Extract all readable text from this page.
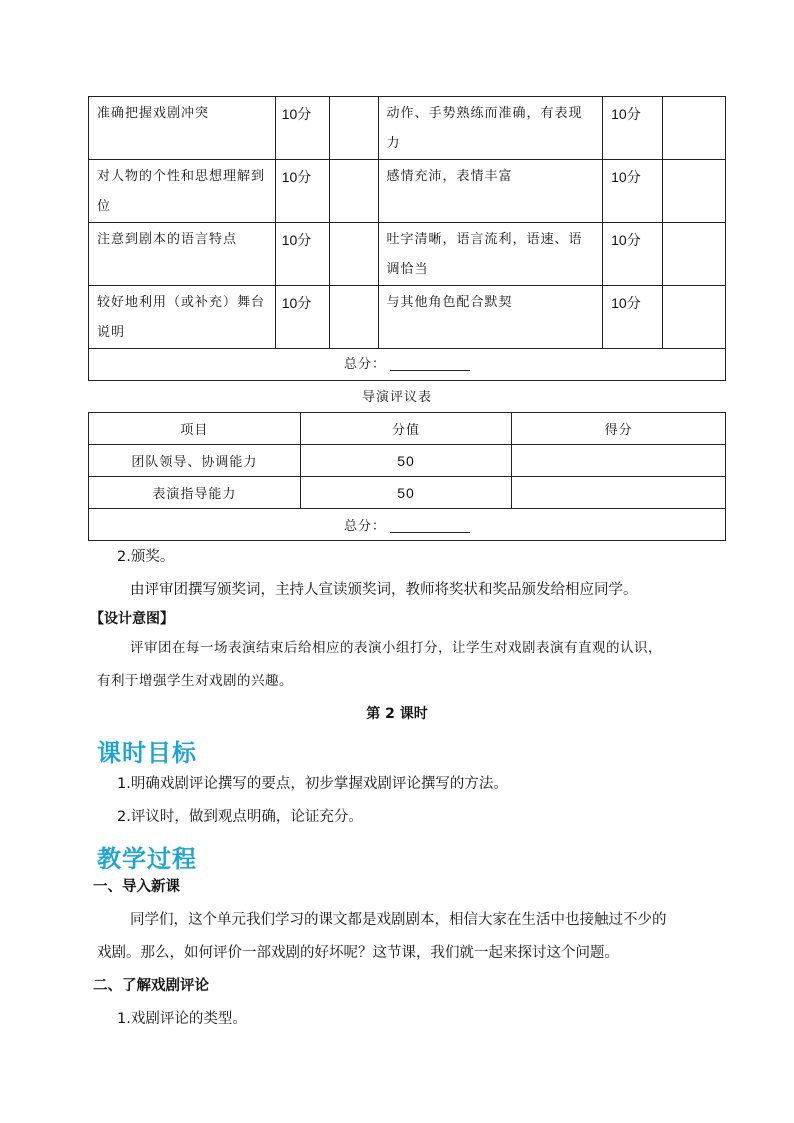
准确把握戏剧冲突	10分		动作、手势熟练而准确，有表现力	10分	
对人物的个性和思想理解到位	10分		感情充沛，表情丰富	10分	
注意到剧本的语言特点	10分		吐字清晰，语言流利，语速、语调恰当	10分	
较好地利用（或补充）舞台说明	10分		与其他角色配合默契	10分	
总分：					
导演评议表
项目	分值	得分
团队领导、协调能力	50	
表演指导能力	50	
总分：		
2.颁奖。
由评审团撰写颁奖词，主持人宣读颁奖词，教师将奖状和奖品颁发给相应同学。
【设计意图】
评审团在每一场表演结束后给相应的表演小组打分，让学生对戏剧表演有直观的认识，
有利于增强学生对戏剧的兴趣。
第 2 课时
课时目标
1.明确戏剧评论撰写的要点，初步掌握戏剧评论撰写的方法。
2.评议时，做到观点明确，论证充分。
教学过程
一、导入新课
同学们，这个单元我们学习的课文都是戏剧剧本，相信大家在生活中也接触过不少的
戏剧。那么，如何评价一部戏剧的好坏呢？这节课，我们就一起来探讨这个问题。
二、了解戏剧评论
1.戏剧评论的类型。
